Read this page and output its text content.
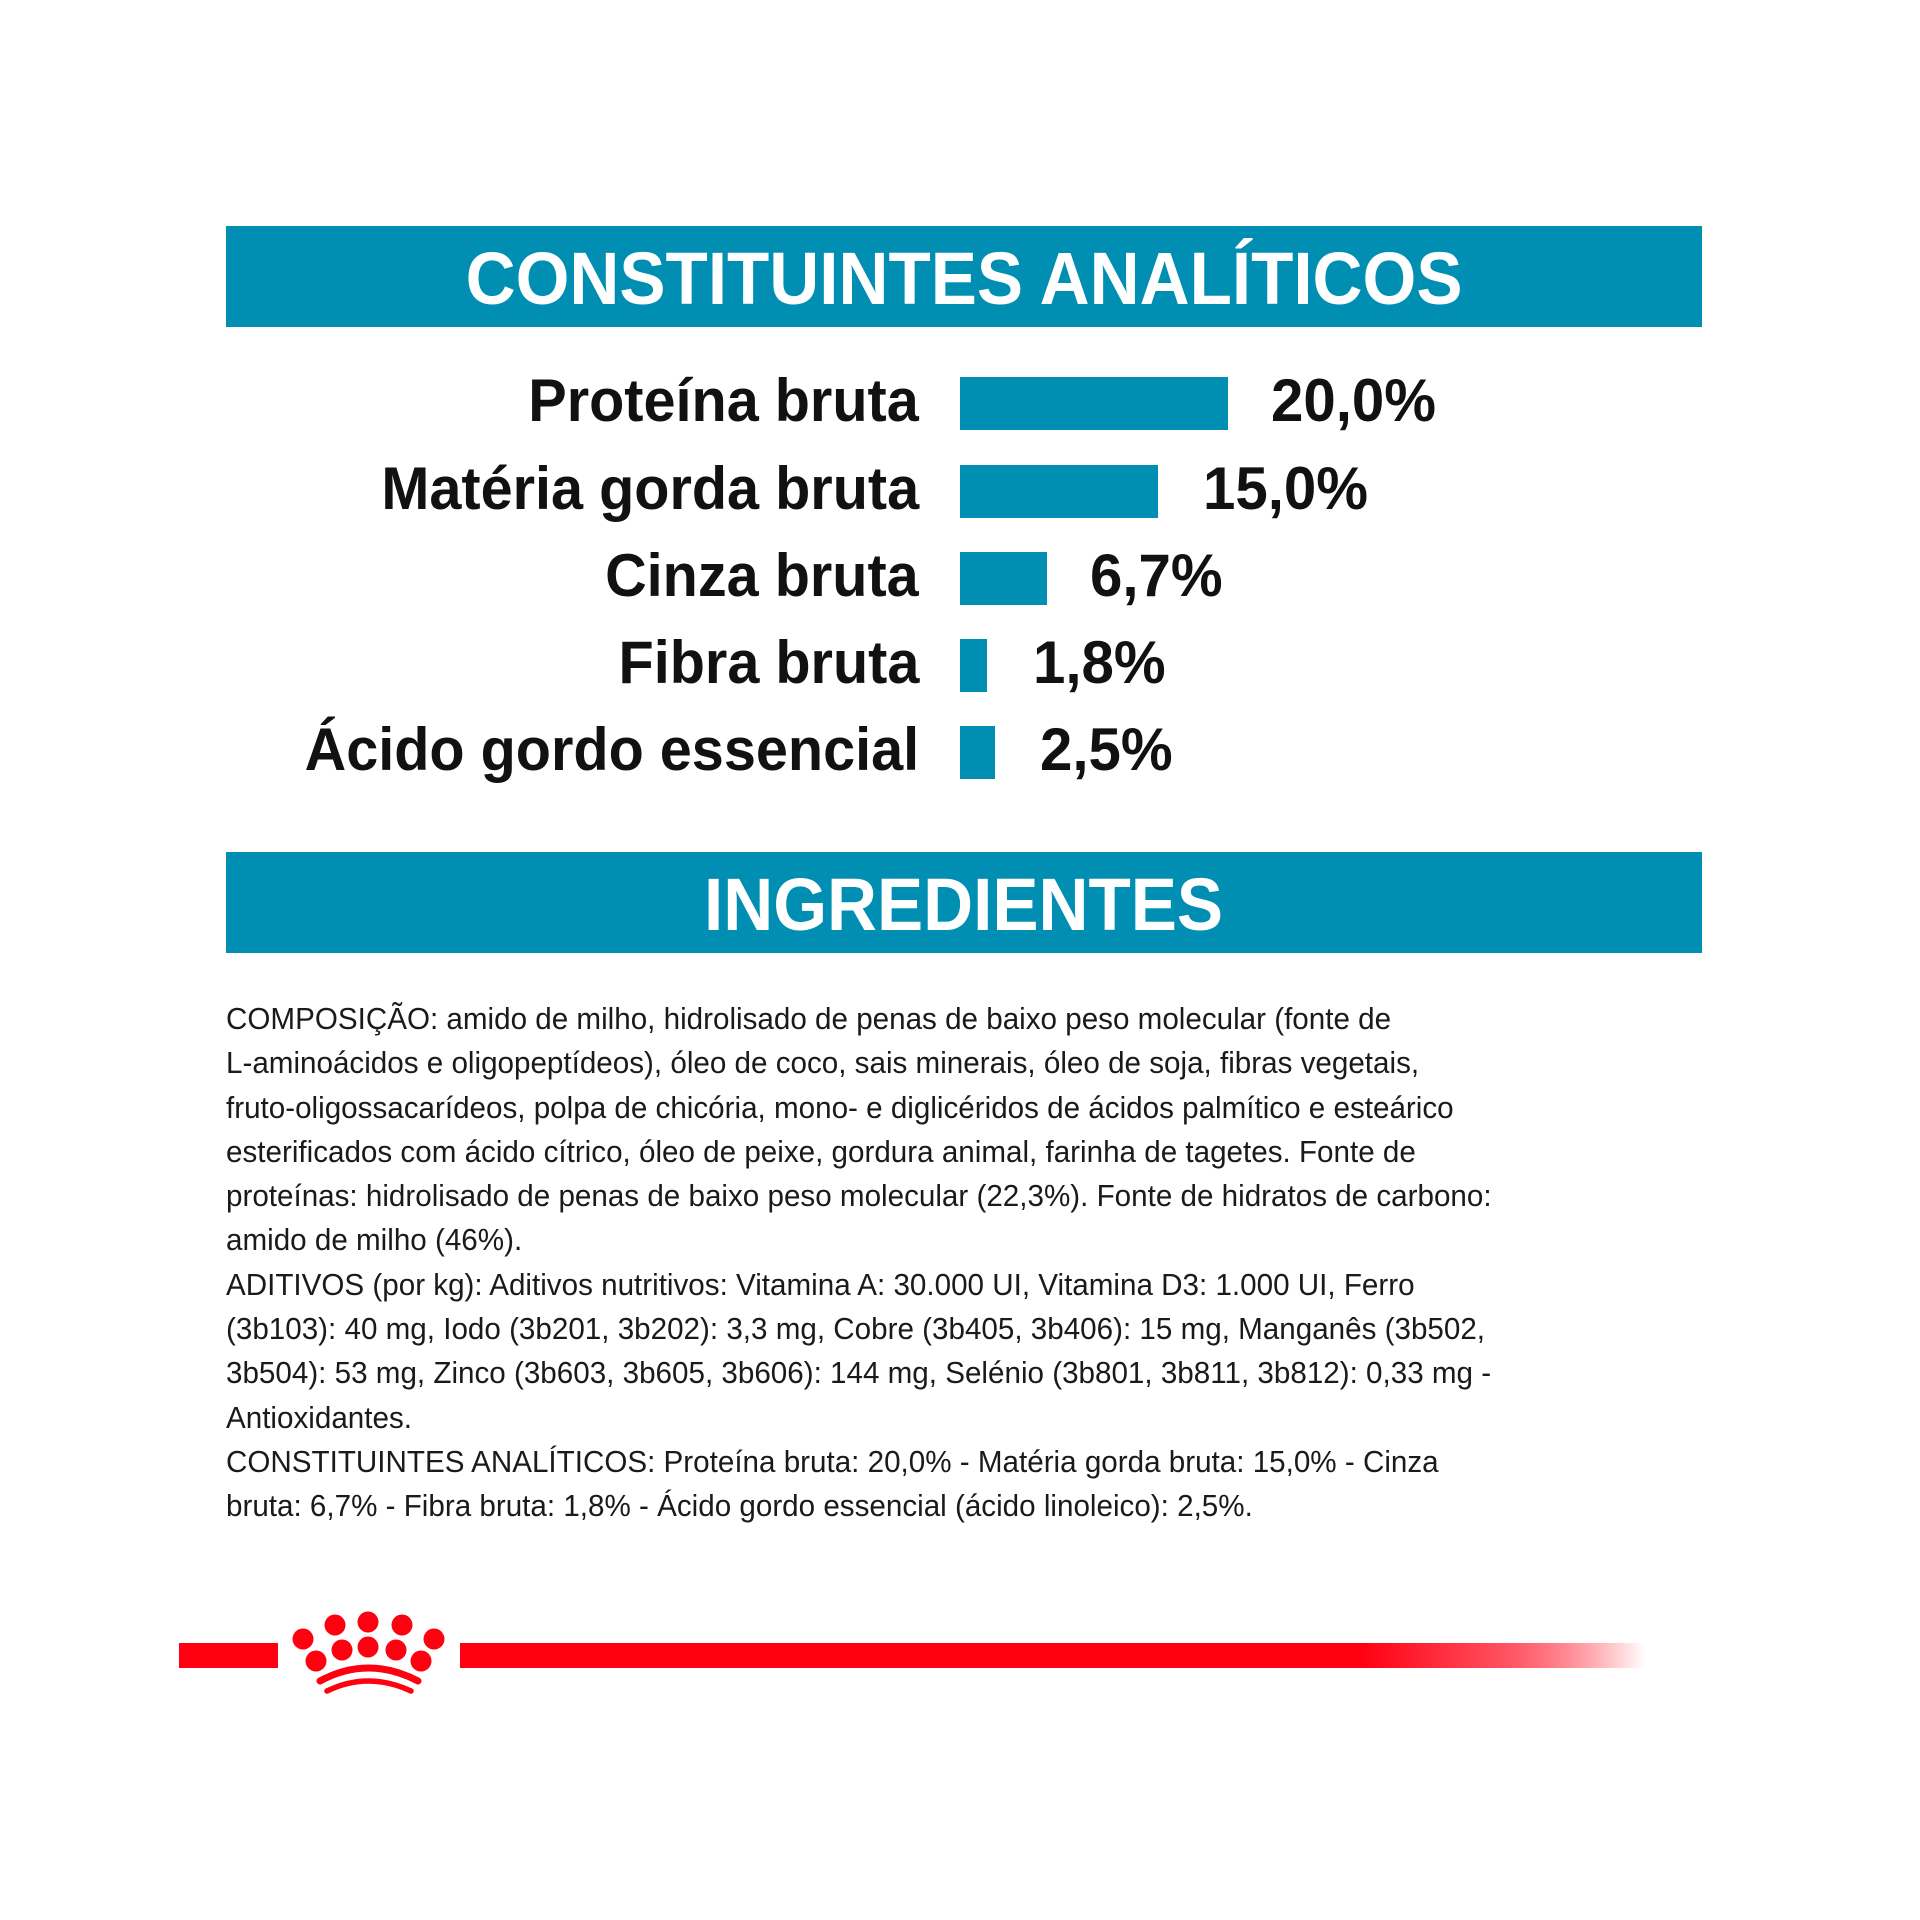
CONSTITUINTES ANALÍTICOS
Proteína bruta	20,0%
Matéria gorda bruta	15,0%
Cinza bruta	6,7%
Fibra bruta 1,8%
Ácido gordo essencial 2,5%
INGREDIENTES
COMPOSIÇÃO: amido de milho, hidrolisado de penas de baixo peso molecular (fonte de
L-aminoácidos e oligopeptídeos), óleo de coco, sais minerais, óleo de soja, fibras vegetais,
fruto-oligossacarídeos, polpa de chicória, mono- e diglicéridos de ácidos palmítico e esteárico
esterificados com ácido cítrico, óleo de peixe, gordura animal, farinha de tagetes. Fonte de
proteínas: hidrolisado de penas de baixo peso molecular (22,3%). Fonte de hidratos de carbono:
amido de milho (46%).
ADITIVOS (por kg): Aditivos nutritivos: Vitamina A: 30.000 UI, Vitamina D3: 1.000 UI, Ferro
(3b103): 40 mg, Iodo (3b201, 3b202): 3,3 mg, Cobre (3b405, 3b406): 15 mg, Manganês (3b502,
3b504): 53 mg, Zinco (3b603, 3b605, 3b606): 144 mg, Selénio (3b801, 3b811, 3b812): 0,33 mg -
Antioxidantes.
CONSTITUINTES ANALÍTICOS: Proteína bruta: 20,0% - Matéria gorda bruta: 15,0% - Cinza
bruta: 6,7% - Fibra bruta: 1,8% - Ácido gordo essencial (ácido linoleico): 2,5%.
